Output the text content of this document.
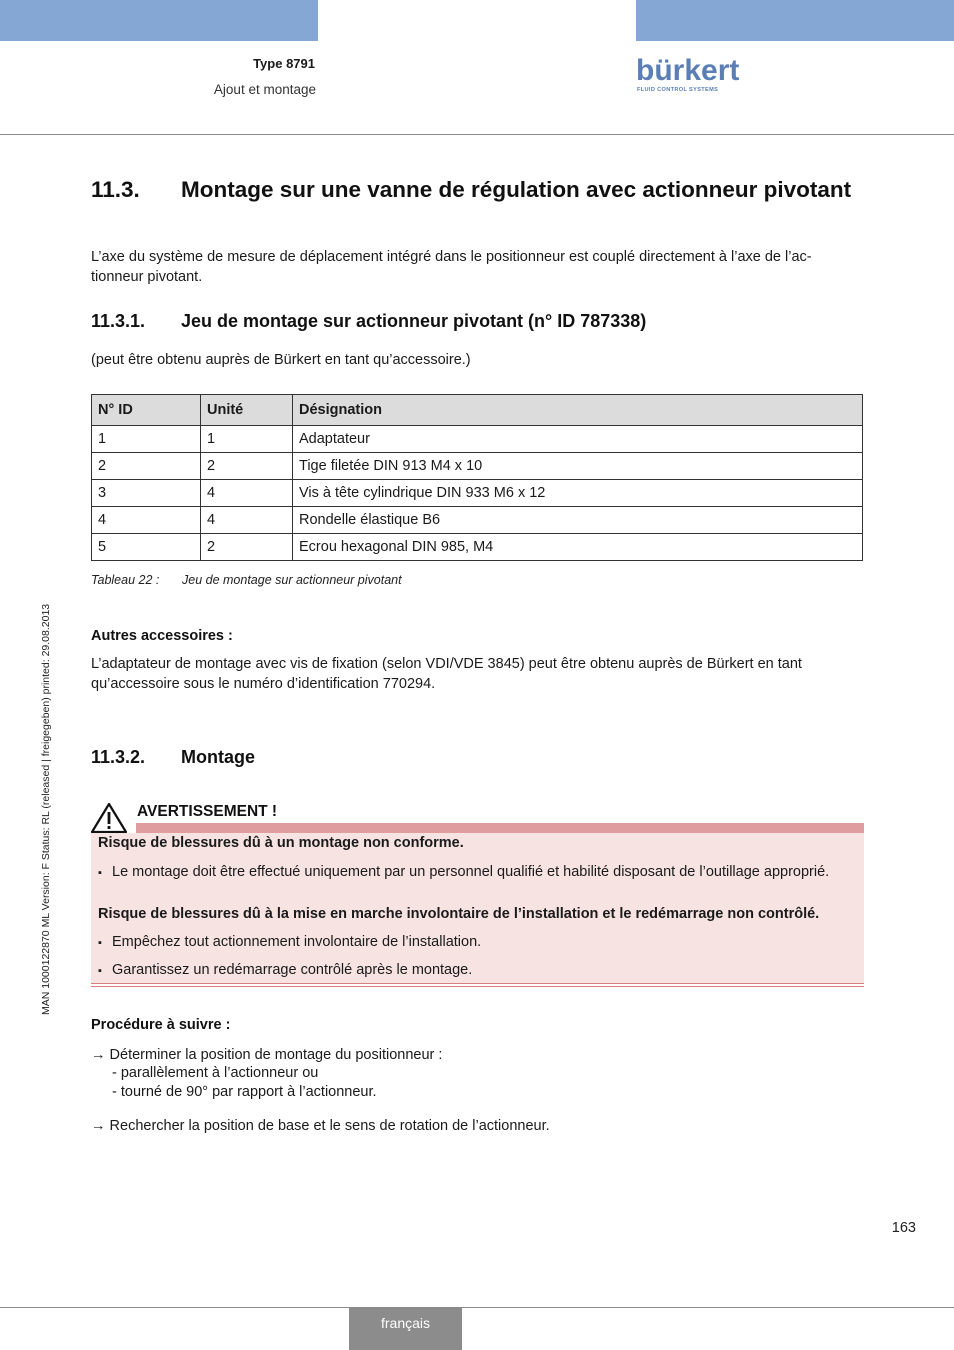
Type 8791
Ajout et montage
bürkert
FLUID CONTROL SYSTEMS
MAN 1000122870 ML Version: F Status: RL (released | freigegeben) printed: 29.08.2013
11.3. Montage sur une vanne de régulation avec actionneur pivotant
L’axe du système de mesure de déplacement intégré dans le positionneur est couplé directement à l’axe de l’ac-tionneur pivotant.
11.3.1. Jeu de montage sur actionneur pivotant (n° ID 787338)
(peut être obtenu auprès de Bürkert en tant qu’accessoire.)
N° ID	Unité	Désignation
1	1	Adaptateur
2	2	Tige filetée DIN 913 M4 x 10
3	4	Vis à tête cylindrique DIN 933 M6 x 12
4	4	Rondelle élastique B6
5	2	Ecrou hexagonal DIN 985, M4
Tableau 22 : Jeu de montage sur actionneur pivotant
Autres accessoires :
L’adaptateur de montage avec vis de fixation (selon VDI/VDE 3845) peut être obtenu auprès de Bürkert en tant qu’accessoire sous le numéro d’identification 770294.
11.3.2. Montage
AVERTISSEMENT !
Risque de blessures dû à un montage non conforme.
▪ Le montage doit être effectué uniquement par un personnel qualifié et habilité disposant de l’outillage approprié.
Risque de blessures dû à la mise en marche involontaire de l’installation et le redémarrage non contrôlé.
▪ Empêchez tout actionnement involontaire de l’installation.
▪ Garantissez un redémarrage contrôlé après le montage.
Procédure à suivre :
→ Déterminer la position de montage du positionneur :
- parallèlement à l’actionneur ou
- tourné de 90° par rapport à l’actionneur.
→ Rechercher la position de base et le sens de rotation de l’actionneur.
163
français
